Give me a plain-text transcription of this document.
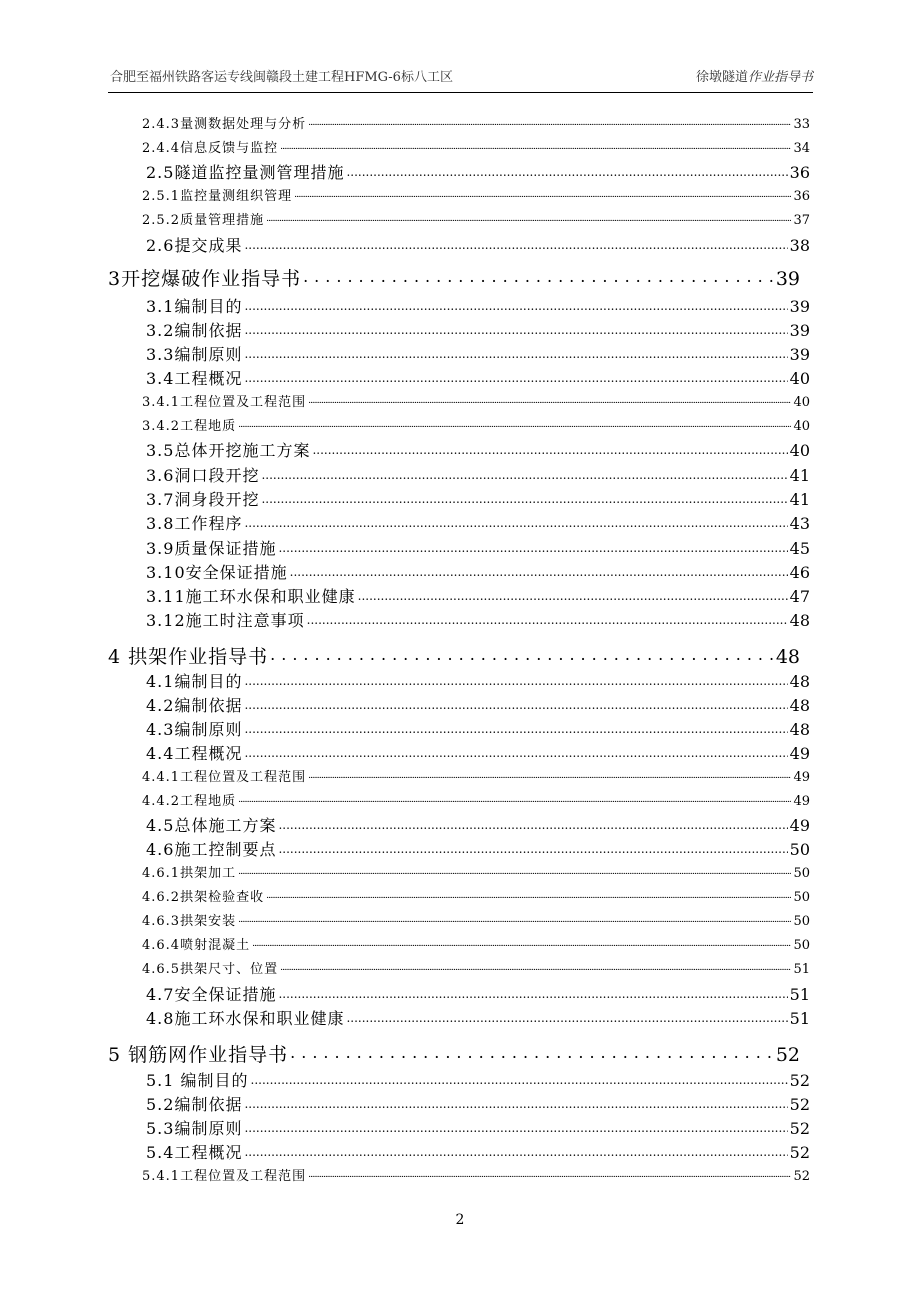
合肥至福州铁路客运专线闽赣段土建工程HFMG-6标八工区	徐墩隧道作业指导书
2.4.3量测数据处理与分析 .....	33
2.4.4信息反馈与监控 .....	34
2.5隧道监控量测管理措施 .....	36
2.5.1监控量测组织管理 .....	36
2.5.2质量管理措施 .....	37
2.6提交成果 .....	38
3开挖爆破作业指导书 .....	39
3.1编制目的 .....	39
3.2编制依据 .....	39
3.3编制原则 .....	39
3.4工程概况 .....	40
3.4.1工程位置及工程范围 .....	40
3.4.2工程地质 .....	40
3.5总体开挖施工方案 .....	40
3.6洞口段开挖 .....	41
3.7洞身段开挖 .....	41
3.8工作程序 .....	43
3.9质量保证措施 .....	45
3.10安全保证措施 .....	46
3.11施工环水保和职业健康 .....	47
3.12施工时注意事项 .....	48
4 拱架作业指导书 .....	48
4.1编制目的 .....	48
4.2编制依据 .....	48
4.3编制原则 .....	48
4.4工程概况 .....	49
4.4.1工程位置及工程范围 .....	49
4.4.2工程地质 .....	49
4.5总体施工方案 .....	49
4.6施工控制要点 .....	50
4.6.1拱架加工 .....	50
4.6.2拱架检验查收 .....	50
4.6.3拱架安装 .....	50
4.6.4喷射混凝土 .....	50
4.6.5拱架尺寸、位置 .....	51
4.7安全保证措施 .....	51
4.8施工环水保和职业健康 .....	51
5 钢筋网作业指导书 .....	52
5.1 编制目的 .....	52
5.2编制依据 .....	52
5.3编制原则 .....	52
5.4工程概况 .....	52
5.4.1工程位置及工程范围 .....	52
2
